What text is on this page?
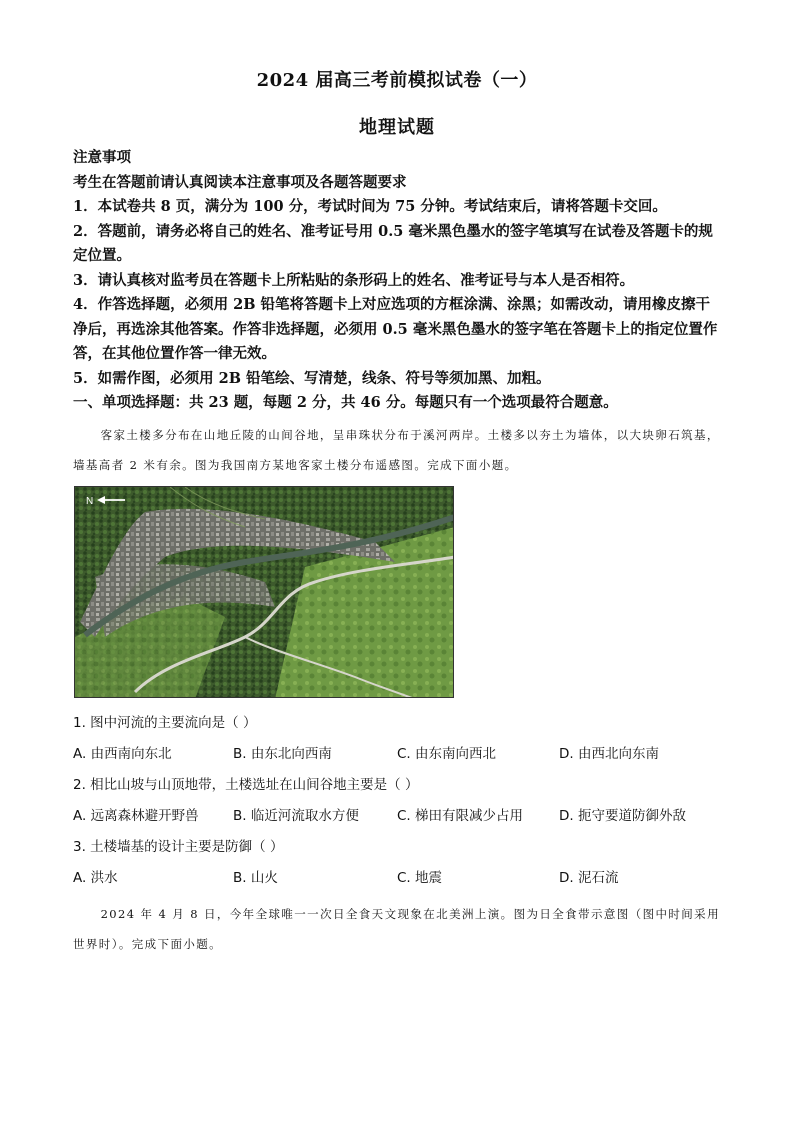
2024 届高三考前模拟试卷（一）
地理试题

注意事项

考生在答题前请认真阅读本注意事项及各题答题要求

1．本试卷共 8 页，满分为 100 分，考试时间为 75 分钟。考试结束后，请将答题卡交回。

2．答题前，请务必将自己的姓名、准考证号用 0.5 毫米黑色墨水的签字笔填写在试卷及答题卡的规定位置。

3．请认真核对监考员在答题卡上所粘贴的条形码上的姓名、准考证号与本人是否相符。

4．作答选择题，必须用 2B 铅笔将答题卡上对应选项的方框涂满、涂黑；如需改动，请用橡皮擦干净后，再选涂其他答案。作答非选择题，必须用 0.5 毫米黑色墨水的签字笔在答题卡上的指定位置作答，在其他位置作答一律无效。

5．如需作图，必须用 2B 铅笔绘、写清楚，线条、符号等须加黑、加粗。

一、单项选择题：共 23 题，每题 2 分，共 46 分。每题只有一个选项最符合题意。

客家土楼多分布在山地丘陵的山间谷地，呈串珠状分布于溪河两岸。土楼多以夯土为墙体，以大块卵石筑基，墙基高者 2 米有余。图为我国南方某地客家土楼分布遥感图。完成下面小题。
N
1. 图中河流的主要流向是（ ）
A. 由西南向东北	B. 由东北向西南	C. 由东南向西北	D. 由西北向东南
2. 相比山坡与山顶地带，土楼选址在山间谷地主要是（ ）
A. 远离森林避开野兽	B. 临近河流取水方便	C. 梯田有限减少占用	D. 扼守要道防御外敌
3. 土楼墙基的设计主要是防御（ ）
A. 洪水	B. 山火	C. 地震	D. 泥石流
2024 年 4 月 8 日，今年全球唯一一次日全食天文现象在北美洲上演。图为日全食带示意图（图中时间采用世界时）。完成下面小题。
